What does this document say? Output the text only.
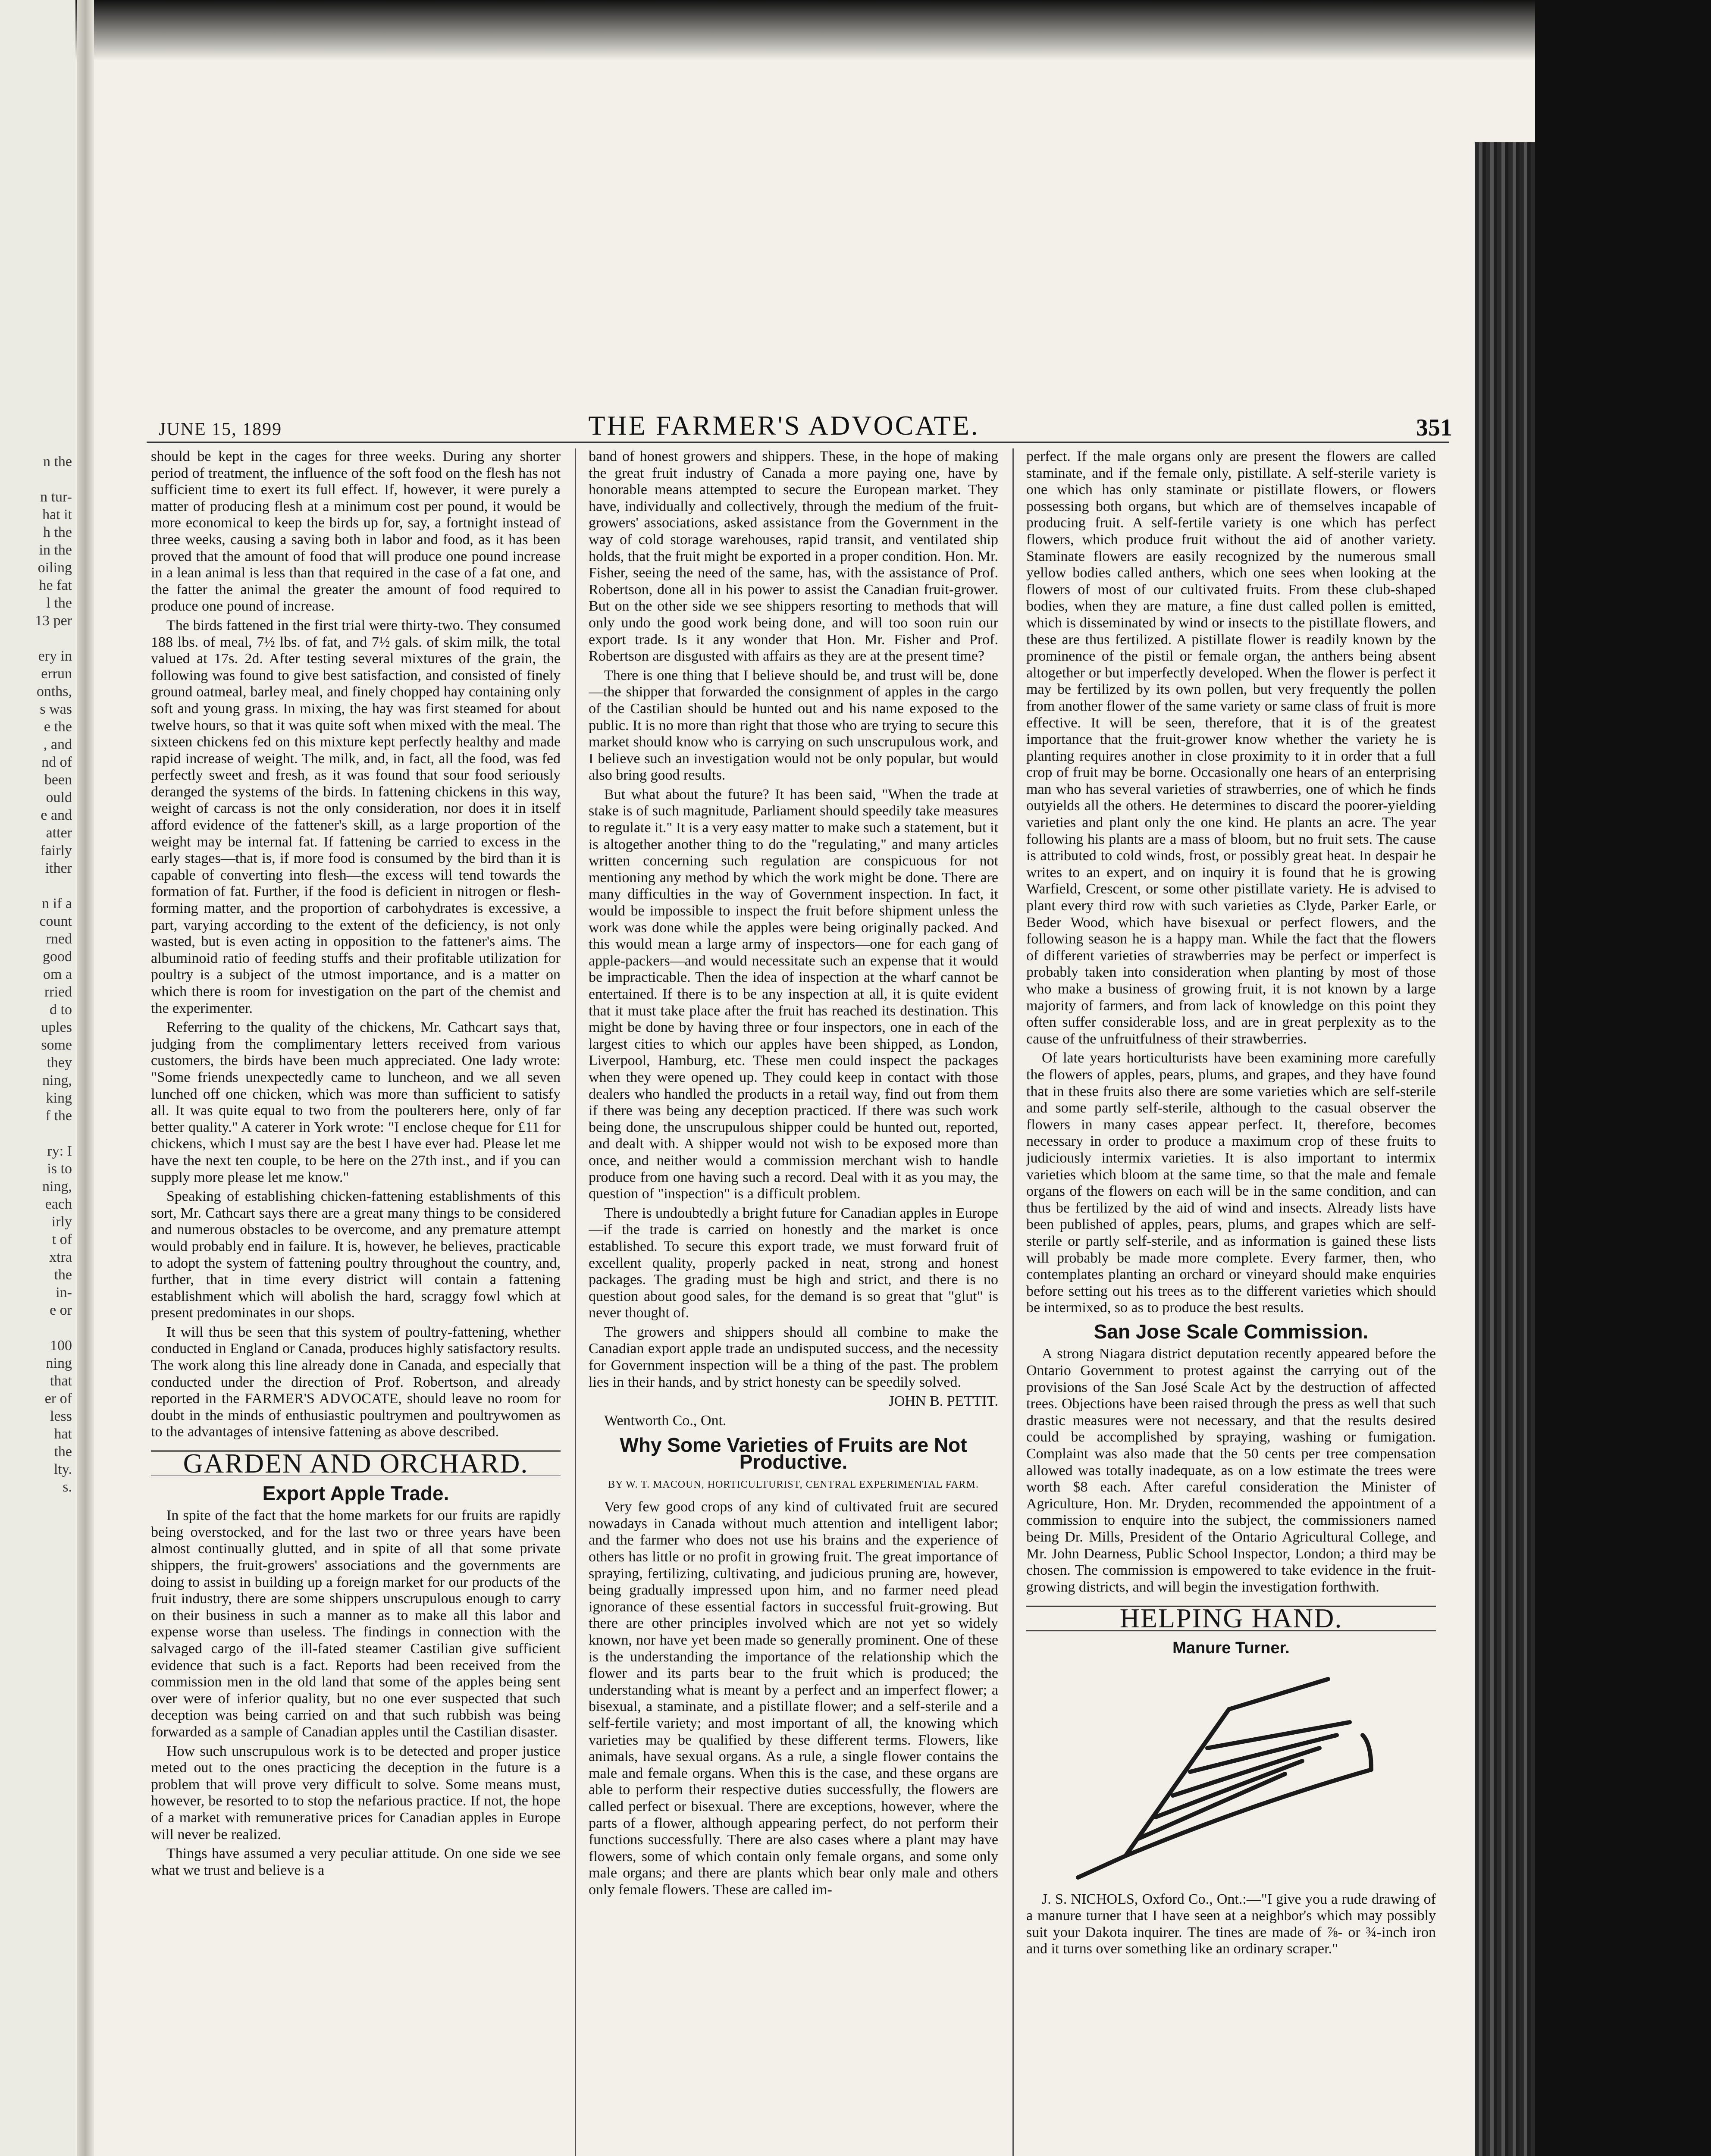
n the

n tur-
hat it
h the
in the
oiling
he fat
l the
13 per

ery in
errun
onths,
s was
e the
, and
nd of
been
ould
e and
atter
fairly
ither

n if a
count
rned
good
om a
rried
d to
uples
some
they
ning,
king
f the

ry: I
is to
ning,
each
irly
t of
xtra
the
in-
e or

100
ning
that
er of
less
hat
the
lty.
s.
JUNE 15, 1899	THE FARMER'S ADVOCATE.	351

should be kept in the cages for three weeks. During any shorter period of treatment, the influence of the soft food on the flesh has not sufficient time to exert its full effect. If, however, it were purely a matter of producing flesh at a minimum cost per pound, it would be more economical to keep the birds up for, say, a fortnight instead of three weeks, causing a saving both in labor and food, as it has been proved that the amount of food that will produce one pound increase in a lean animal is less than that required in the case of a fat one, and the fatter the animal the greater the amount of food required to produce one pound of increase.

The birds fattened in the first trial were thirty-two. They consumed 188 lbs. of meal, 7½ lbs. of fat, and 7½ gals. of skim milk, the total valued at 17s. 2d. After testing several mixtures of the grain, the following was found to give best satisfaction, and consisted of finely ground oatmeal, barley meal, and finely chopped hay containing only soft and young grass. In mixing, the hay was first steamed for about twelve hours, so that it was quite soft when mixed with the meal. The sixteen chickens fed on this mixture kept perfectly healthy and made rapid increase of weight. The milk, and, in fact, all the food, was fed perfectly sweet and fresh, as it was found that sour food seriously deranged the systems of the birds. In fattening chickens in this way, weight of carcass is not the only consideration, nor does it in itself afford evidence of the fattener's skill, as a large proportion of the weight may be internal fat. If fattening be carried to excess in the early stages—that is, if more food is consumed by the bird than it is capable of converting into flesh—the excess will tend towards the formation of fat. Further, if the food is deficient in nitrogen or flesh-forming matter, and the proportion of carbohydrates is excessive, a part, varying according to the extent of the deficiency, is not only wasted, but is even acting in opposition to the fattener's aims. The albuminoid ratio of feeding stuffs and their profitable utilization for poultry is a subject of the utmost importance, and is a matter on which there is room for investigation on the part of the chemist and the experimenter.

Referring to the quality of the chickens, Mr. Cathcart says that, judging from the complimentary letters received from various customers, the birds have been much appreciated. One lady wrote: "Some friends unexpectedly came to luncheon, and we all seven lunched off one chicken, which was more than sufficient to satisfy all. It was quite equal to two from the poulterers here, only of far better quality." A caterer in York wrote: "I enclose cheque for £11 for chickens, which I must say are the best I have ever had. Please let me have the next ten couple, to be here on the 27th inst., and if you can supply more please let me know."

Speaking of establishing chicken-fattening establishments of this sort, Mr. Cathcart says there are a great many things to be considered and numerous obstacles to be overcome, and any premature attempt would probably end in failure. It is, however, he believes, practicable to adopt the system of fattening poultry throughout the country, and, further, that in time every district will contain a fattening establishment which will abolish the hard, scraggy fowl which at present predominates in our shops.

It will thus be seen that this system of poultry-fattening, whether conducted in England or Canada, produces highly satisfactory results. The work along this line already done in Canada, and especially that conducted under the direction of Prof. Robertson, and already reported in the FARMER'S ADVOCATE, should leave no room for doubt in the minds of enthusiastic poultrymen and poultrywomen as to the advantages of intensive fattening as above described.

GARDEN AND ORCHARD.
Export Apple Trade.

In spite of the fact that the home markets for our fruits are rapidly being overstocked, and for the last two or three years have been almost continually glutted, and in spite of all that some private shippers, the fruit-growers' associations and the governments are doing to assist in building up a foreign market for our products of the fruit industry, there are some shippers unscrupulous enough to carry on their business in such a manner as to make all this labor and expense worse than useless. The findings in connection with the salvaged cargo of the ill-fated steamer Castilian give sufficient evidence that such is a fact. Reports had been received from the commission men in the old land that some of the apples being sent over were of inferior quality, but no one ever suspected that such deception was being carried on and that such rubbish was being forwarded as a sample of Canadian apples until the Castilian disaster.

How such unscrupulous work is to be detected and proper justice meted out to the ones practicing the deception in the future is a problem that will prove very difficult to solve. Some means must, however, be resorted to to stop the nefarious practice. If not, the hope of a market with remunerative prices for Canadian apples in Europe will never be realized.

Things have assumed a very peculiar attitude. On one side we see what we trust and believe is a

band of honest growers and shippers. These, in the hope of making the great fruit industry of Canada a more paying one, have by honorable means attempted to secure the European market. They have, individually and collectively, through the medium of the fruit-growers' associations, asked assistance from the Government in the way of cold storage warehouses, rapid transit, and ventilated ship holds, that the fruit might be exported in a proper condition. Hon. Mr. Fisher, seeing the need of the same, has, with the assistance of Prof. Robertson, done all in his power to assist the Canadian fruit-grower. But on the other side we see shippers resorting to methods that will only undo the good work being done, and will too soon ruin our export trade. Is it any wonder that Hon. Mr. Fisher and Prof. Robertson are disgusted with affairs as they are at the present time?

There is one thing that I believe should be, and trust will be, done—the shipper that forwarded the consignment of apples in the cargo of the Castilian should be hunted out and his name exposed to the public. It is no more than right that those who are trying to secure this market should know who is carrying on such unscrupulous work, and I believe such an investigation would not be only popular, but would also bring good results.

But what about the future? It has been said, "When the trade at stake is of such magnitude, Parliament should speedily take measures to regulate it." It is a very easy matter to make such a statement, but it is altogether another thing to do the "regulating," and many articles written concerning such regulation are conspicuous for not mentioning any method by which the work might be done. There are many difficulties in the way of Government inspection. In fact, it would be impossible to inspect the fruit before shipment unless the work was done while the apples were being originally packed. And this would mean a large army of inspectors—one for each gang of apple-packers—and would necessitate such an expense that it would be impracticable. Then the idea of inspection at the wharf cannot be entertained. If there is to be any inspection at all, it is quite evident that it must take place after the fruit has reached its destination. This might be done by having three or four inspectors, one in each of the largest cities to which our apples have been shipped, as London, Liverpool, Hamburg, etc. These men could inspect the packages when they were opened up. They could keep in contact with those dealers who handled the products in a retail way, find out from them if there was being any deception practiced. If there was such work being done, the unscrupulous shipper could be hunted out, reported, and dealt with. A shipper would not wish to be exposed more than once, and neither would a commission merchant wish to handle produce from one having such a record. Deal with it as you may, the question of "inspection" is a difficult problem.

There is undoubtedly a bright future for Canadian apples in Europe—if the trade is carried on honestly and the market is once established. To secure this export trade, we must forward fruit of excellent quality, properly packed in neat, strong and honest packages. The grading must be high and strict, and there is no question about good sales, for the demand is so great that "glut" is never thought of.

The growers and shippers should all combine to make the Canadian export apple trade an undisputed success, and the necessity for Government inspection will be a thing of the past. The problem lies in their hands, and by strict honesty can be speedily solved.

JOHN B. PETTIT.

Wentworth Co., Ont.

Why Some Varieties of Fruits are Not Productive.
BY W. T. MACOUN, HORTICULTURIST, CENTRAL EXPERIMENTAL FARM.

Very few good crops of any kind of cultivated fruit are secured nowadays in Canada without much attention and intelligent labor; and the farmer who does not use his brains and the experience of others has little or no profit in growing fruit. The great importance of spraying, fertilizing, cultivating, and judicious pruning are, however, being gradually impressed upon him, and no farmer need plead ignorance of these essential factors in successful fruit-growing. But there are other principles involved which are not yet so widely known, nor have yet been made so generally prominent. One of these is the understanding the importance of the relationship which the flower and its parts bear to the fruit which is produced; the understanding what is meant by a perfect and an imperfect flower; a bisexual, a staminate, and a pistillate flower; and a self-sterile and a self-fertile variety; and most important of all, the knowing which varieties may be qualified by these different terms. Flowers, like animals, have sexual organs. As a rule, a single flower contains the male and female organs. When this is the case, and these organs are able to perform their respective duties successfully, the flowers are called perfect or bisexual. There are exceptions, however, where the parts of a flower, although appearing perfect, do not perform their functions successfully. There are also cases where a plant may have flowers, some of which contain only female organs, and some only male organs; and there are plants which bear only male and others only female flowers. These are called im-

perfect. If the male organs only are present the flowers are called staminate, and if the female only, pistillate. A self-sterile variety is one which has only staminate or pistillate flowers, or flowers possessing both organs, but which are of themselves incapable of producing fruit. A self-fertile variety is one which has perfect flowers, which produce fruit without the aid of another variety. Staminate flowers are easily recognized by the numerous small yellow bodies called anthers, which one sees when looking at the flowers of most of our cultivated fruits. From these club-shaped bodies, when they are mature, a fine dust called pollen is emitted, which is disseminated by wind or insects to the pistillate flowers, and these are thus fertilized. A pistillate flower is readily known by the prominence of the pistil or female organ, the anthers being absent altogether or but imperfectly developed. When the flower is perfect it may be fertilized by its own pollen, but very frequently the pollen from another flower of the same variety or same class of fruit is more effective. It will be seen, therefore, that it is of the greatest importance that the fruit-grower know whether the variety he is planting requires another in close proximity to it in order that a full crop of fruit may be borne. Occasionally one hears of an enterprising man who has several varieties of strawberries, one of which he finds outyields all the others. He determines to discard the poorer-yielding varieties and plant only the one kind. He plants an acre. The year following his plants are a mass of bloom, but no fruit sets. The cause is attributed to cold winds, frost, or possibly great heat. In despair he writes to an expert, and on inquiry it is found that he is growing Warfield, Crescent, or some other pistillate variety. He is advised to plant every third row with such varieties as Clyde, Parker Earle, or Beder Wood, which have bisexual or perfect flowers, and the following season he is a happy man. While the fact that the flowers of different varieties of strawberries may be perfect or imperfect is probably taken into consideration when planting by most of those who make a business of growing fruit, it is not known by a large majority of farmers, and from lack of knowledge on this point they often suffer considerable loss, and are in great perplexity as to the cause of the unfruitfulness of their strawberries.

Of late years horticulturists have been examining more carefully the flowers of apples, pears, plums, and grapes, and they have found that in these fruits also there are some varieties which are self-sterile and some partly self-sterile, although to the casual observer the flowers in many cases appear perfect. It, therefore, becomes necessary in order to produce a maximum crop of these fruits to judiciously intermix varieties. It is also important to intermix varieties which bloom at the same time, so that the male and female organs of the flowers on each will be in the same condition, and can thus be fertilized by the aid of wind and insects. Already lists have been published of apples, pears, plums, and grapes which are self-sterile or partly self-sterile, and as information is gained these lists will probably be made more complete. Every farmer, then, who contemplates planting an orchard or vineyard should make enquiries before setting out his trees as to the different varieties which should be intermixed, so as to produce the best results.

San Jose Scale Commission.

A strong Niagara district deputation recently appeared before the Ontario Government to protest against the carrying out of the provisions of the San José Scale Act by the destruction of affected trees. Objections have been raised through the press as well that such drastic measures were not necessary, and that the results desired could be accomplished by spraying, washing or fumigation. Complaint was also made that the 50 cents per tree compensation allowed was totally inadequate, as on a low estimate the trees were worth $8 each. After careful consideration the Minister of Agriculture, Hon. Mr. Dryden, recommended the appointment of a commission to enquire into the subject, the commissioners named being Dr. Mills, President of the Ontario Agricultural College, and Mr. John Dearness, Public School Inspector, London; a third may be chosen. The commission is empowered to take evidence in the fruit-growing districts, and will begin the investigation forthwith.

HELPING HAND.
Manure Turner.

J. S. NICHOLS, Oxford Co., Ont.:—"I give you a rude drawing of a manure turner that I have seen at a neighbor's which may possibly suit your Dakota inquirer. The tines are made of ⅞- or ¾-inch iron and it turns over something like an ordinary scraper."
